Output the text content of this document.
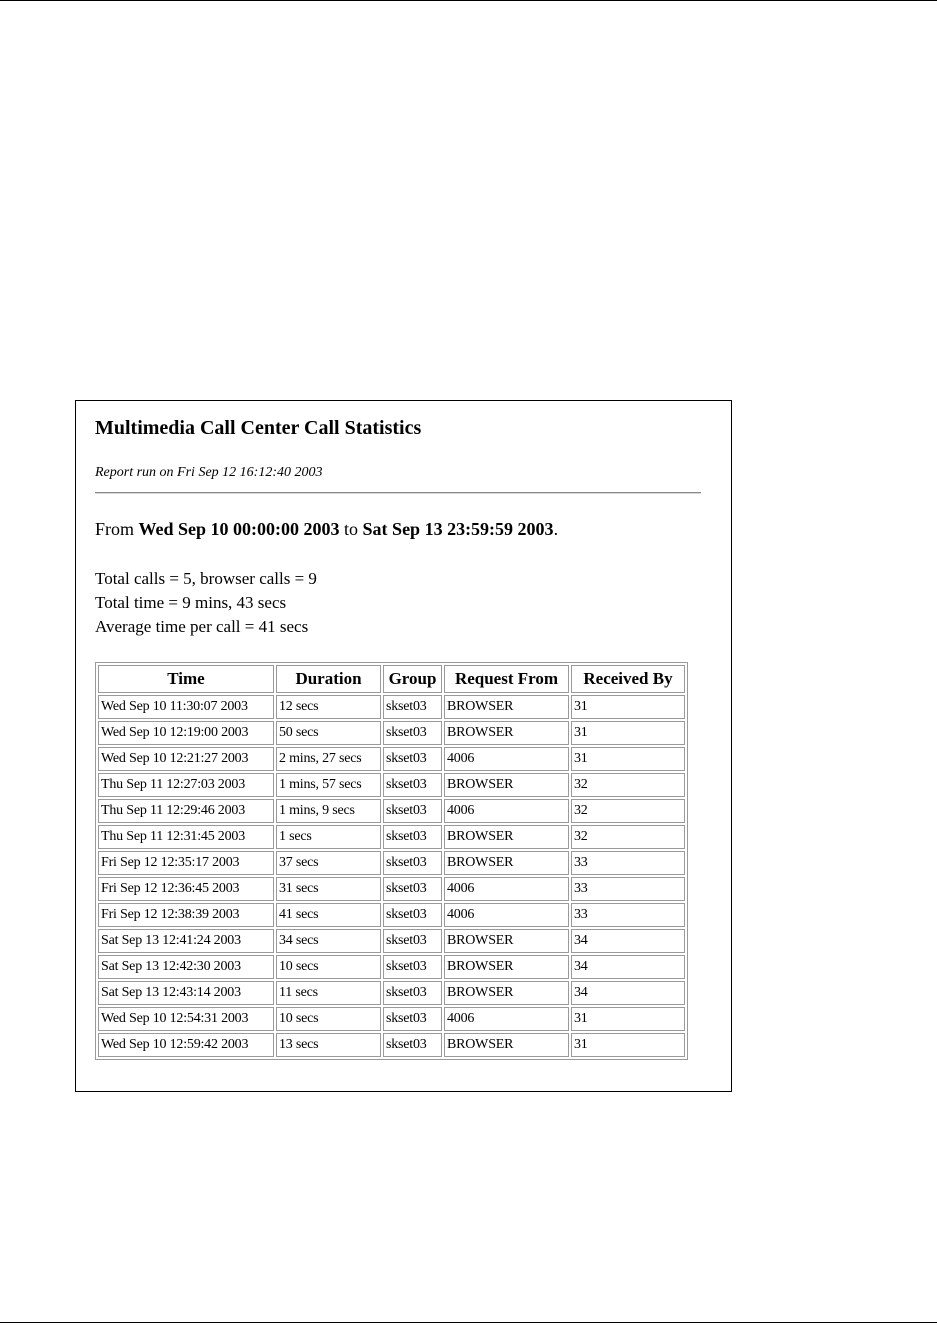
Multimedia Call Center Call Statistics

Report run on Fri Sep 12 16:12:40 2003

From Wed Sep 10 00:00:00 2003 to Sat Sep 13 23:59:59 2003.

Total calls = 5, browser calls = 9
Total time = 9 mins, 43 secs
Average time per call = 41 secs
Time	Duration	Group	Request From	Received By
Wed Sep 10 11:30:07 2003	12 secs	skset03	BROWSER	31
Wed Sep 10 12:19:00 2003	50 secs	skset03	BROWSER	31
Wed Sep 10 12:21:27 2003	2 mins, 27 secs	skset03	4006	31
Thu Sep 11 12:27:03 2003	1 mins, 57 secs	skset03	BROWSER	32
Thu Sep 11 12:29:46 2003	1 mins, 9 secs	skset03	4006	32
Thu Sep 11 12:31:45 2003	1 secs	skset03	BROWSER	32
Fri Sep 12 12:35:17 2003	37 secs	skset03	BROWSER	33
Fri Sep 12 12:36:45 2003	31 secs	skset03	4006	33
Fri Sep 12 12:38:39 2003	41 secs	skset03	4006	33
Sat Sep 13 12:41:24 2003	34 secs	skset03	BROWSER	34
Sat Sep 13 12:42:30 2003	10 secs	skset03	BROWSER	34
Sat Sep 13 12:43:14 2003	11 secs	skset03	BROWSER	34
Wed Sep 10 12:54:31 2003	10 secs	skset03	4006	31
Wed Sep 10 12:59:42 2003	13 secs	skset03	BROWSER	31
